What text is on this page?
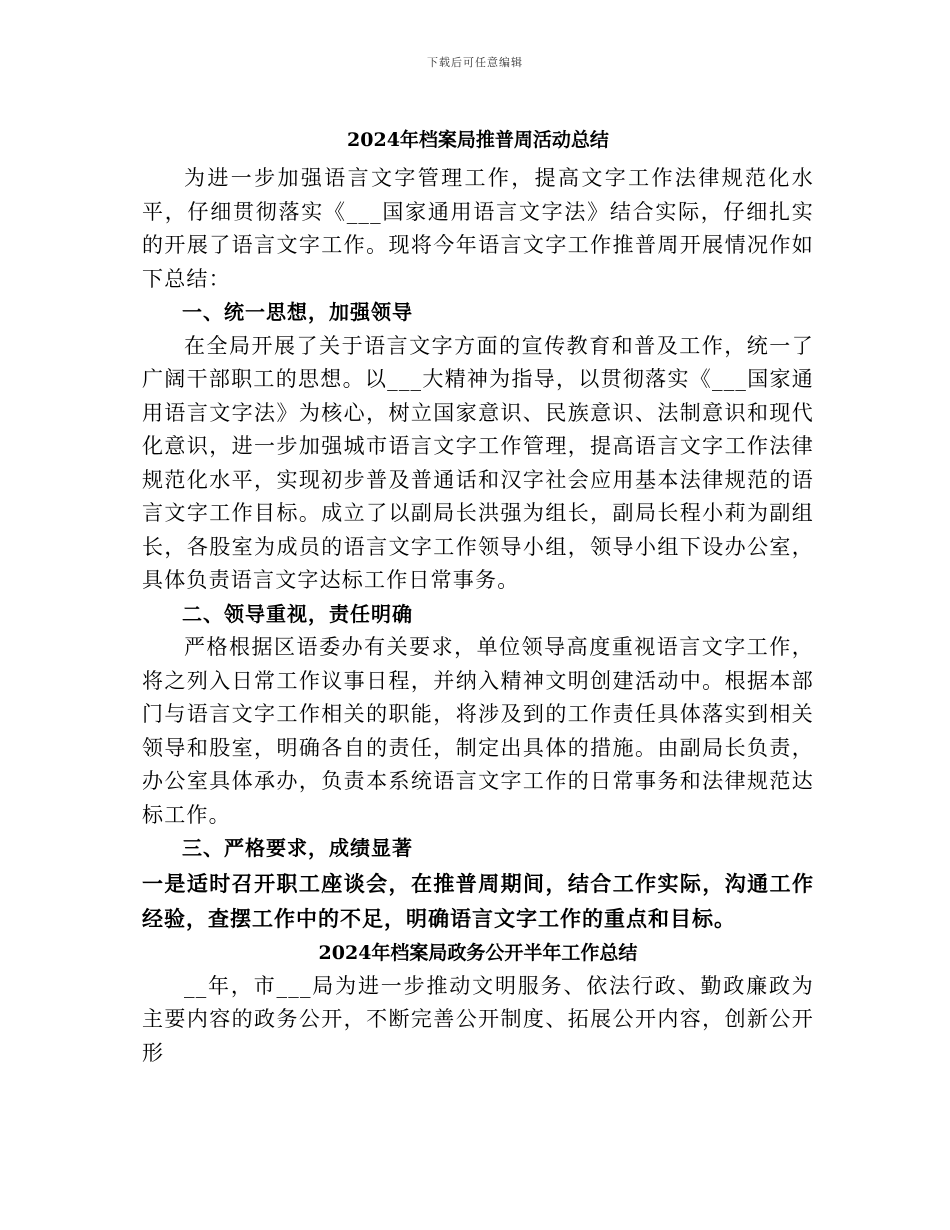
下载后可任意编辑
2024年档案局推普周活动总结

为进一步加强语言文字管理工作，提高文字工作法律规范化水平，仔细贯彻落实《___国家通用语言文字法》结合实际，仔细扎实的开展了语言文字工作。现将今年语言文字工作推普周开展情况作如下总结：

一、统一思想，加强领导

在全局开展了关于语言文字方面的宣传教育和普及工作，统一了广阔干部职工的思想。以___大精神为指导，以贯彻落实《___国家通用语言文字法》为核心，树立国家意识、民族意识、法制意识和现代化意识，进一步加强城市语言文字工作管理，提高语言文字工作法律规范化水平，实现初步普及普通话和汉字社会应用基本法律规范的语言文字工作目标。成立了以副局长洪强为组长，副局长程小莉为副组长，各股室为成员的语言文字工作领导小组，领导小组下设办公室，具体负责语言文字达标工作日常事务。

二、领导重视，责任明确

严格根据区语委办有关要求，单位领导高度重视语言文字工作，将之列入日常工作议事日程，并纳入精神文明创建活动中。根据本部门与语言文字工作相关的职能，将涉及到的工作责任具体落实到相关领导和股室，明确各自的责任，制定出具体的措施。由副局长负责，办公室具体承办，负责本系统语言文字工作的日常事务和法律规范达标工作。

三、严格要求，成绩显著

一是适时召开职工座谈会，在推普周期间，结合工作实际，沟通工作经验，查摆工作中的不足，明确语言文字工作的重点和目标。

2024年档案局政务公开半年工作总结

__年，市___局为进一步推动文明服务、依法行政、勤政廉政为主要内容的政务公开，不断完善公开制度、拓展公开内容，创新公开形
